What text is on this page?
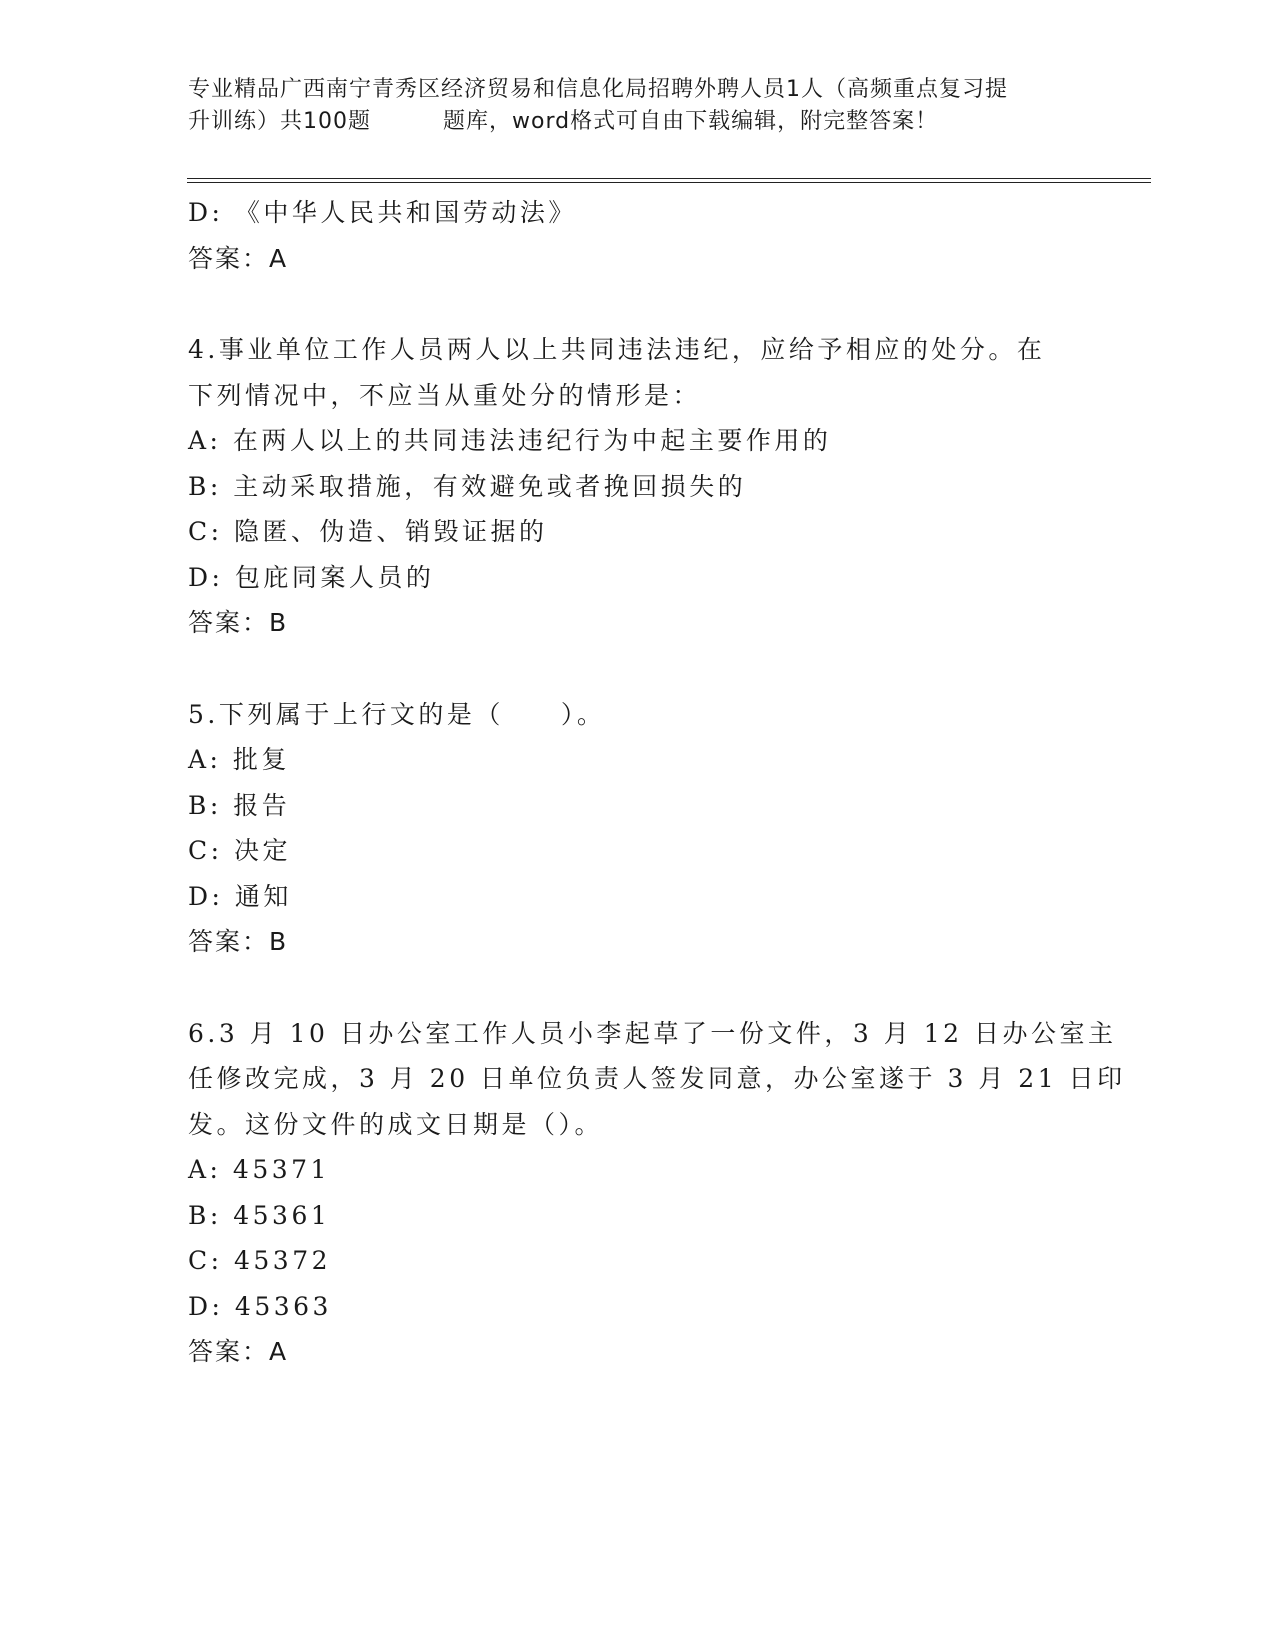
专业精品广西南宁青秀区经济贸易和信息化局招聘外聘人员1人（高频重点复习提
升训练）共100题	题库，word格式可自由下载编辑，附完整答案！
D: 《中华人民共和国劳动法》
答案：A
4.事业单位工作人员两人以上共同违法违纪，应给予相应的处分。在
下列情况中，不应当从重处分的情形是：
A: 在两人以上的共同违法违纪行为中起主要作用的
B: 主动采取措施，有效避免或者挽回损失的
C: 隐匿、伪造、销毁证据的
D: 包庇同案人员的
答案：B
5.下列属于上行文的是（　　）。
A: 批复
B: 报告
C: 决定
D: 通知
答案：B
6.3 月 10 日办公室工作人员小李起草了一份文件，3 月 12 日办公室主
任修改完成，3 月 20 日单位负责人签发同意，办公室遂于 3 月 21 日印
发。这份文件的成文日期是（）。
A: 45371
B: 45361
C: 45372
D: 45363
答案：A
